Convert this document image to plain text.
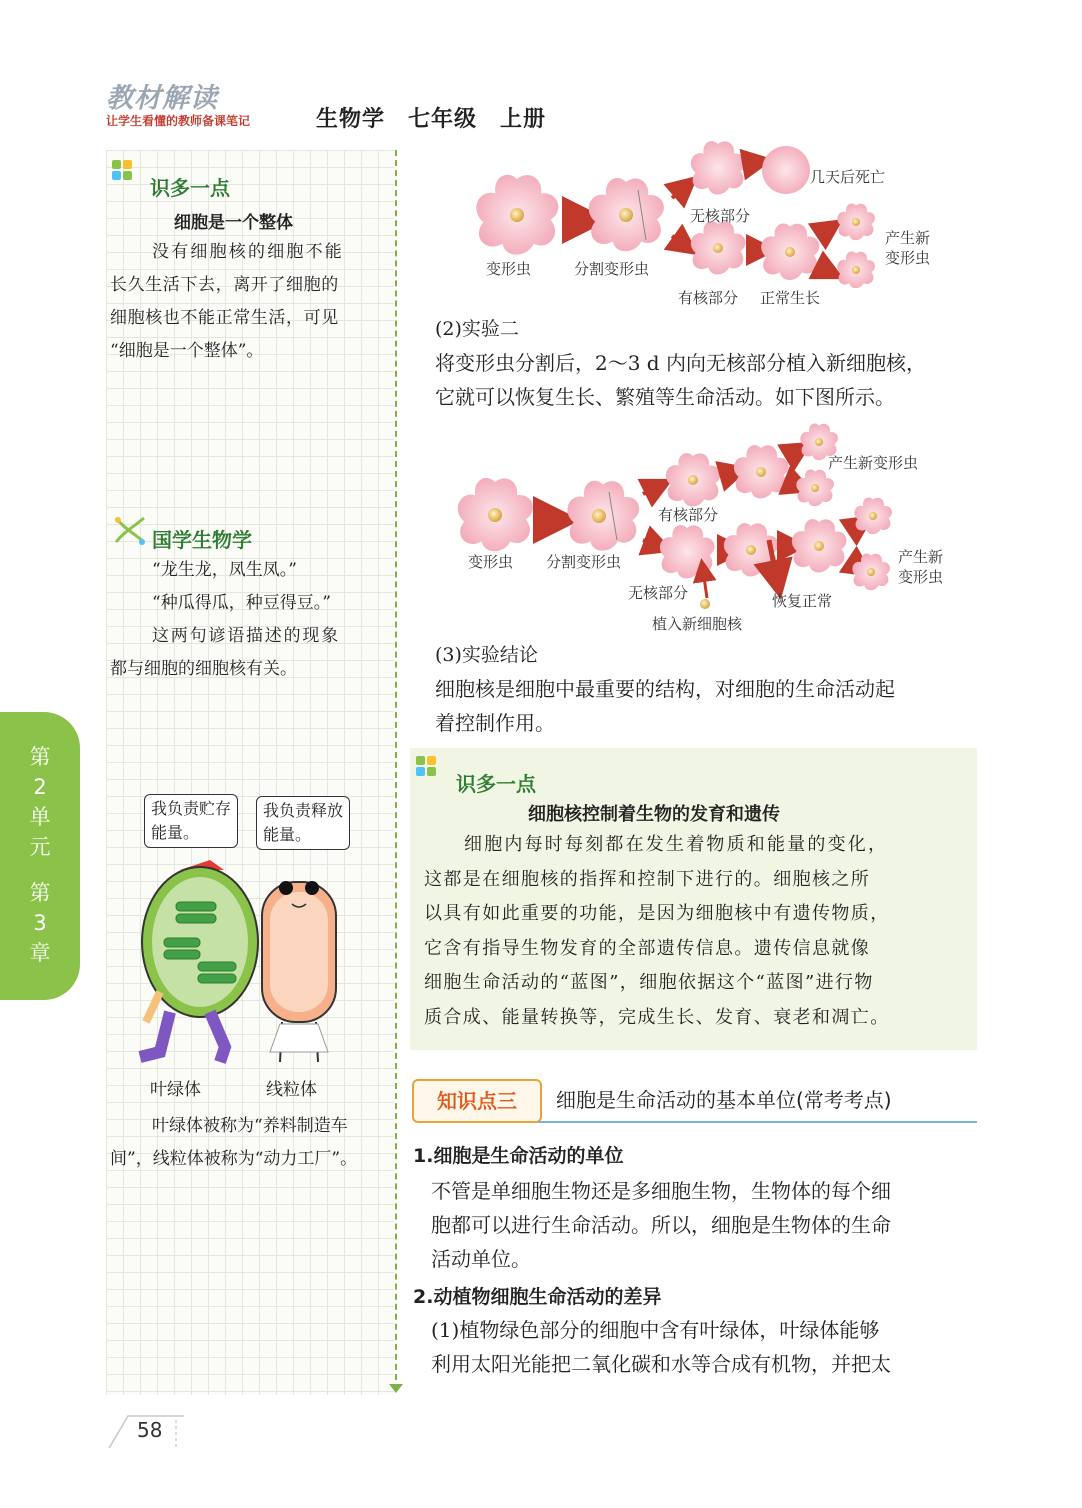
教材解读
让学生看懂的教师备课笔记	生物学　七年级　上册
识多一点
细胞是一个整体
没有细胞核的细胞不能
长久生活下去，离开了细胞的
细胞核也不能正常生活，可见
“细胞是一个整体”。
国学生物学
“龙生龙，凤生凤。”
“种瓜得瓜，种豆得豆。”
这两句谚语描述的现象
都与细胞的细胞核有关。
我负责贮存
能量。
我负责释放
能量。
叶绿体	线粒体
叶绿体被称为“养料制造车
间”，线粒体被称为“动力工厂”。
第
2
单
元
第
3
章
变形虫	分割变形虫
无核部分
几天后死亡
有核部分 正常生长
产生新
变形虫
(2)实验二
将变形虫分割后，2～3 d 内向无核部分植入新细胞核，
它就可以恢复生长、繁殖等生命活动。如下图所示。
产生新变形虫
有核部分
变形虫 分割变形虫
无核部分	恢复正常
植入新细胞核
产生新
变形虫
(3)实验结论
细胞核是细胞中最重要的结构，对细胞的生命活动起
着控制作用。
识多一点
细胞核控制着生物的发育和遗传
细胞内每时每刻都在发生着物质和能量的变化，
这都是在细胞核的指挥和控制下进行的。细胞核之所
以具有如此重要的功能，是因为细胞核中有遗传物质，
它含有指导生物发育的全部遗传信息。遗传信息就像
细胞生命活动的“蓝图”，细胞依据这个“蓝图”进行物
质合成、能量转换等，完成生长、发育、衰老和凋亡。
知识点三	细胞是生命活动的基本单位(常考考点)
1.细胞是生命活动的单位
不管是单细胞生物还是多细胞生物，生物体的每个细
胞都可以进行生命活动。所以，细胞是生物体的生命
活动单位。
2.动植物细胞生命活动的差异
(1)植物绿色部分的细胞中含有叶绿体，叶绿体能够
利用太阳光能把二氧化碳和水等合成有机物，并把太
58
